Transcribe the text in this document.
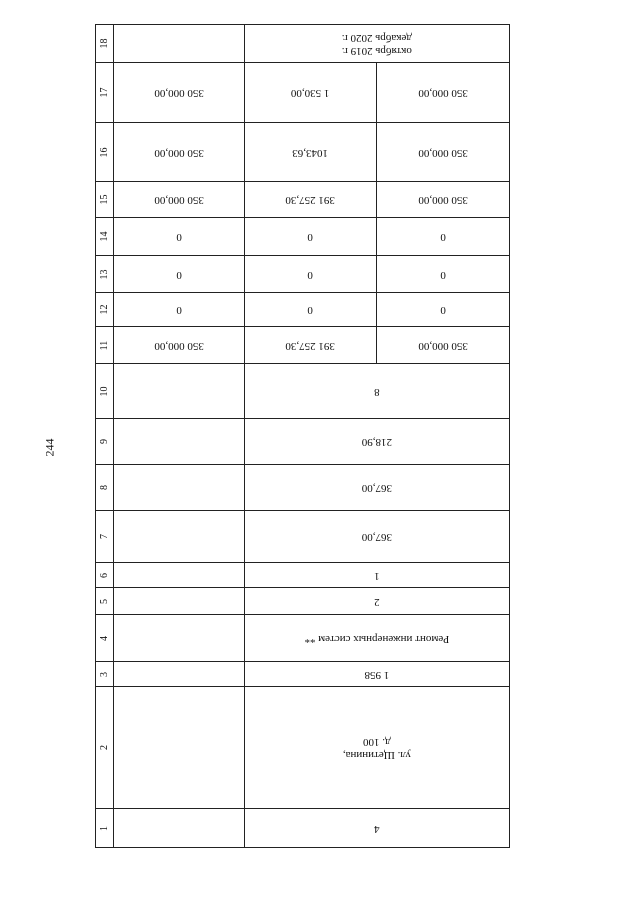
244
18		октябрь 2019 г.
декабрь 2020 г.	

17	350 000,00	1 530,00	350 000,00

16	350 000,00	1043,63	350 000,00

15	350 000,00	391 257,30	350 000,00

14	0	0	0

13	0	0	0

12	0	0	0

11	350 000,00	391 257,30	350 000,00

10		8	

9		218,90	

8		367,00	

7		367,00	

6		1	

5		2	

4		Ремонт инженерных систем **	

3		1 958	

2		ул. Щетинина,
д. 100	

1		4	
